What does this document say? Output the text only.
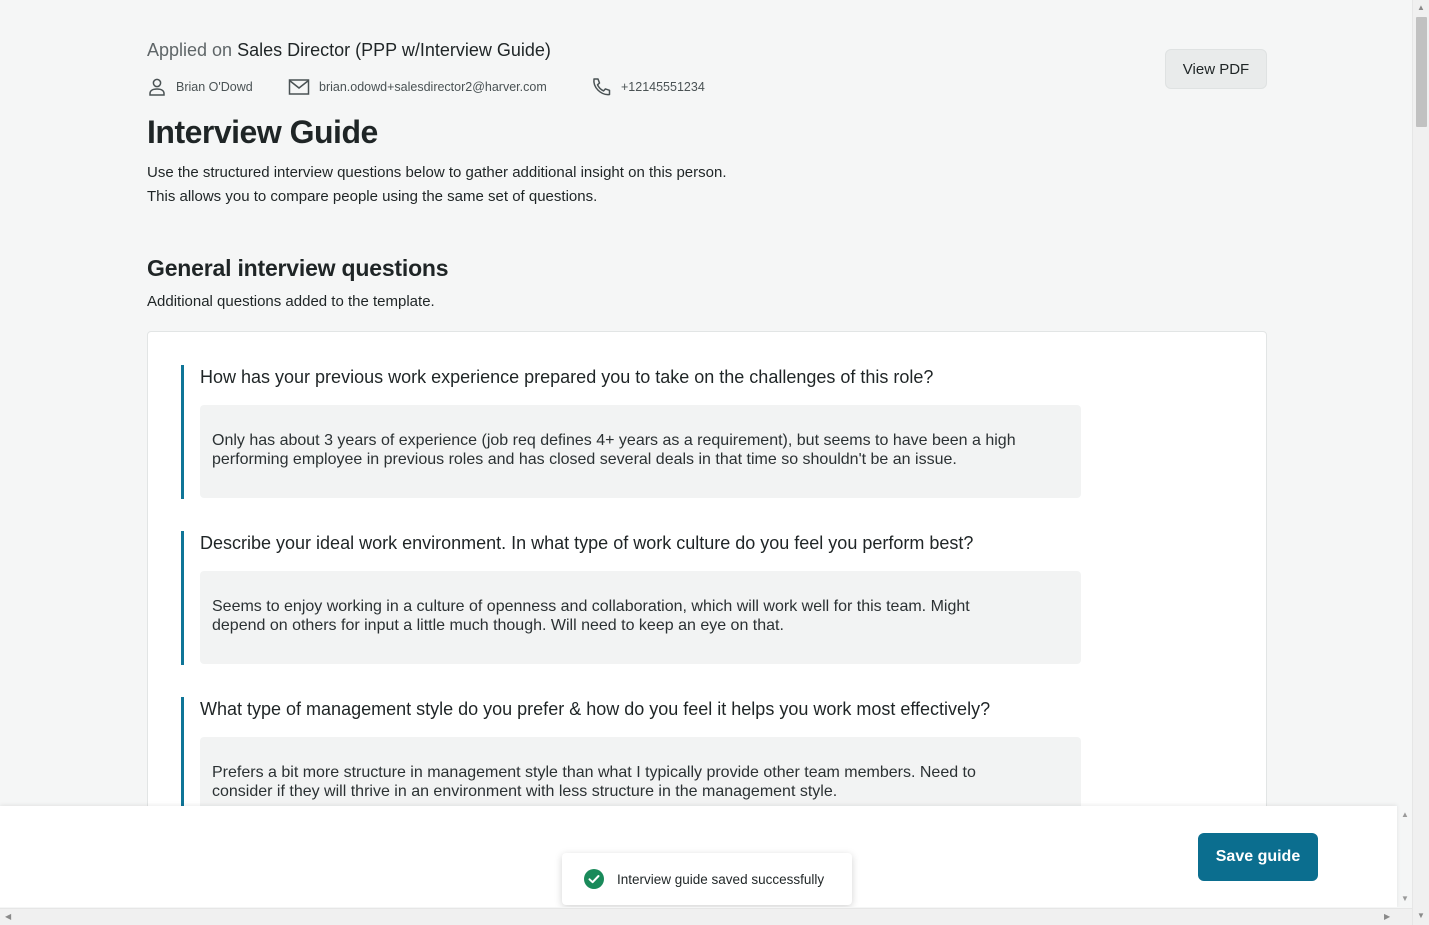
Applied on Sales Director (PPP w/Interview Guide)
Brian O'Dowd	brian.odowd+salesdirector2@harver.com	+12145551234
View PDF
Interview Guide
Use the structured interview questions below to gather additional insight on this person.
This allows you to compare people using the same set of questions.
General interview questions
Additional questions added to the template.
How has your previous work experience prepared you to take on the challenges of this role?
Only has about 3 years of experience (job req defines 4+ years as a requirement), but seems to have been a high
performing employee in previous roles and has closed several deals in that time so shouldn't be an issue.
Describe your ideal work environment. In what type of work culture do you feel you perform best?
Seems to enjoy working in a culture of openness and collaboration, which will work well for this team. Might
depend on others for input a little much though. Will need to keep an eye on that.
What type of management style do you prefer & how do you feel it helps you work most effectively?
Prefers a bit more structure in management style than what I typically provide other team members. Need to
consider if they will thrive in an environment with less structure in the management style.
Save guide
▲
▼
Interview guide saved successfully
▲
▼
◀	▶
